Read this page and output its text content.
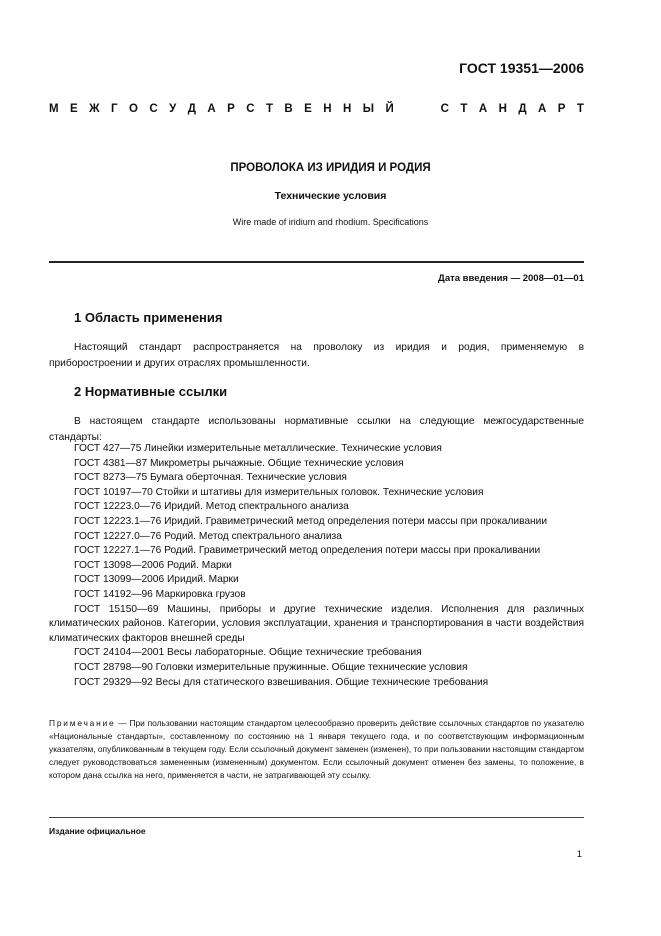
ГОСТ 19351—2006
М Е Ж Г О С У Д А Р С Т В Е Н Н Ы Й	С Т А Н Д А Р Т
ПРОВОЛОКА ИЗ ИРИДИЯ И РОДИЯ
Технические условия
Wire made of iridium and rhodium. Specifications
Дата введения — 2008—01—01
1 Область применения
Настоящий стандарт распространяется на проволоку из иридия и родия, применяемую в приборостроении и других отраслях промышленности.
2 Нормативные ссылки
В настоящем стандарте использованы нормативные ссылки на следующие межгосударственные стандарты:
ГОСТ 427—75 Линейки измерительные металлические. Технические условия
ГОСТ 4381—87 Микрометры рычажные. Общие технические условия
ГОСТ 8273—75 Бумага оберточная. Технические условия
ГОСТ 10197—70 Стойки и штативы для измерительных головок. Технические условия
ГОСТ 12223.0—76 Иридий. Метод спектрального анализа
ГОСТ 12223.1—76 Иридий. Гравиметрический метод определения потери массы при прокаливании
ГОСТ 12227.0—76 Родий. Метод спектрального анализа
ГОСТ 12227.1—76 Родий. Гравиметрический метод определения потери массы при прокаливании
ГОСТ 13098—2006 Родий. Марки
ГОСТ 13099—2006 Иридий. Марки
ГОСТ 14192—96 Маркировка грузов
ГОСТ 15150—69 Машины, приборы и другие технические изделия. Исполнения для различных климатических районов. Категории, условия эксплуатации, хранения и транспортирования в части воздействия климатических факторов внешней среды
ГОСТ 24104—2001 Весы лабораторные. Общие технические требования
ГОСТ 28798—90 Головки измерительные пружинные. Общие технические условия
ГОСТ 29329—92 Весы для статического взвешивания. Общие технические требования
Примечание — При пользовании настоящим стандартом целесообразно проверить действие ссылочных стандартов по указателю «Национальные стандарты», составленному по состоянию на 1 января текущего года, и по соответствующим информационным указателям, опубликованным в текущем году. Если ссылочный документ заменен (изменен), то при пользовании настоящим стандартом следует руководствоваться замененным (измененным) документом. Если ссылочный документ отменен без замены, то положение, в котором дана ссылка на него, применяется в части, не затрагивающей эту ссылку.
Издание официальное
1
